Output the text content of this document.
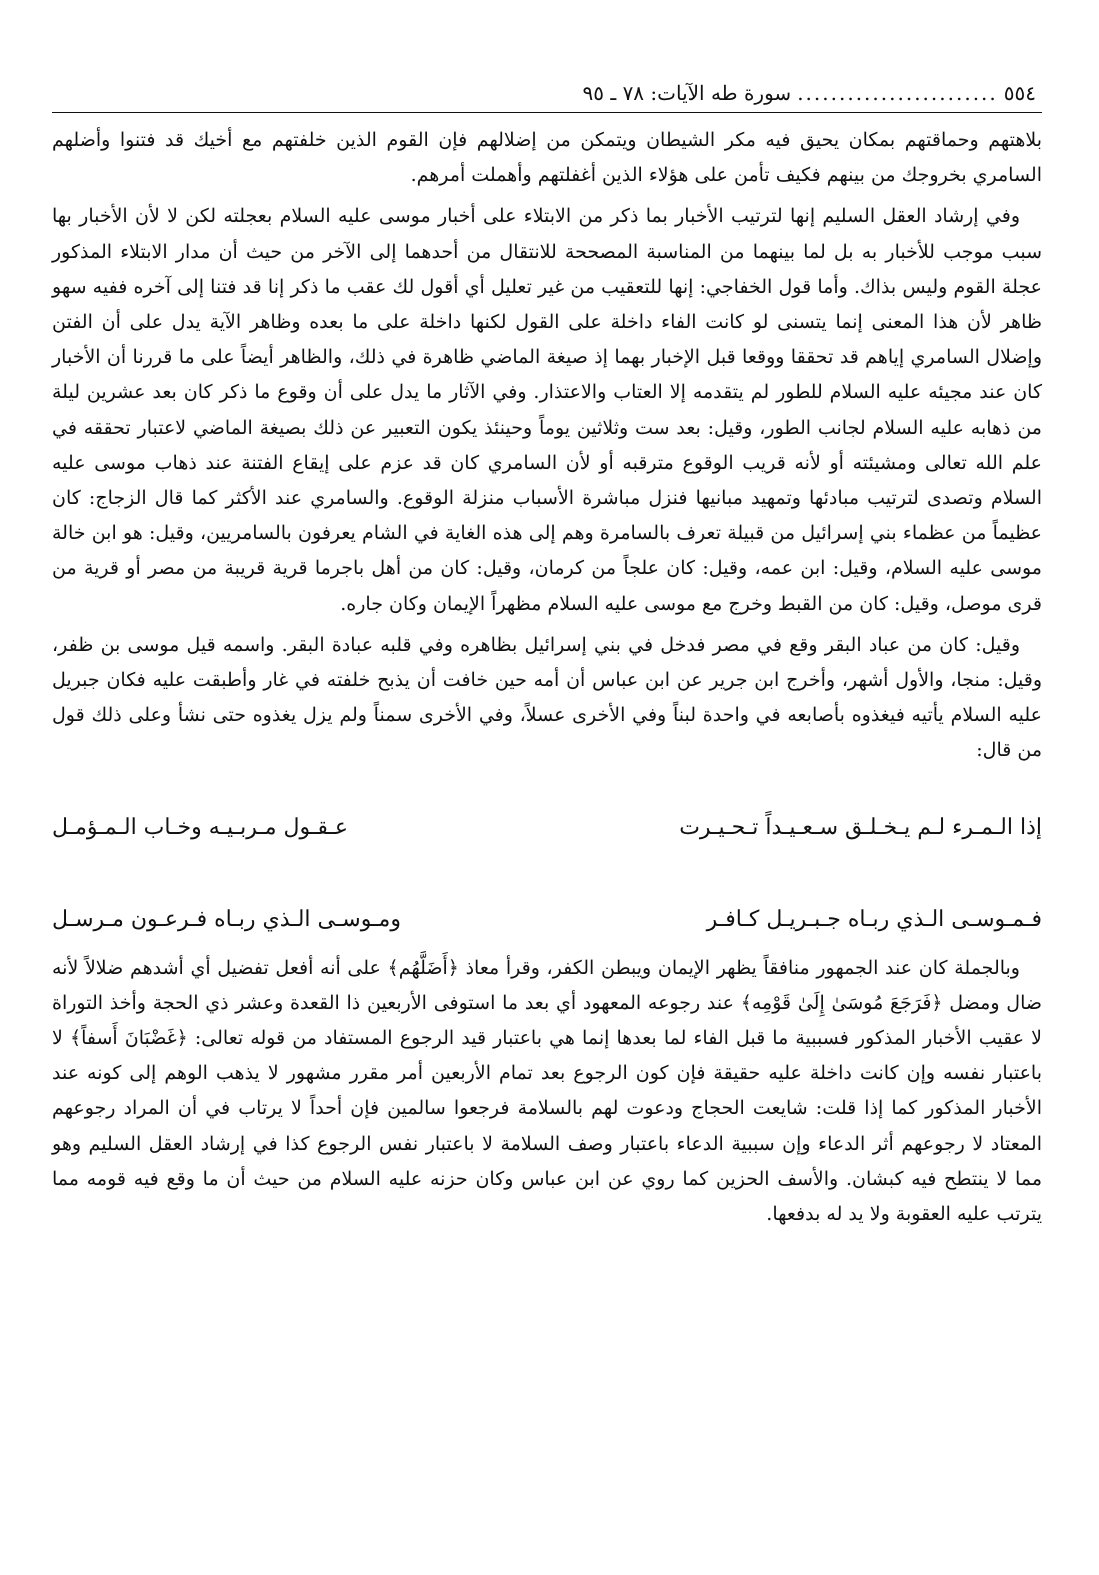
٥٥٤
........................
سورة طه الآيات: ٧٨ ـ ٩٥

بلاهتهم وحماقتهم بمكان يحيق فيه مكر الشيطان ويتمكن من إضلالهم فإن القوم الذين خلفتهم مع أخيك قد فتنوا وأضلهم السامري بخروجك من بينهم فكيف تأمن على هؤلاء الذين أغفلتهم وأهملت أمرهم.

وفي إرشاد العقل السليم إنها لترتيب الأخبار بما ذكر من الابتلاء على أخبار موسى عليه السلام بعجلته لكن لا لأن الأخبار بها سبب موجب للأخبار به بل لما بينهما من المناسبة المصححة للانتقال من أحدهما إلى الآخر من حيث أن مدار الابتلاء المذكور عجلة القوم وليس بذاك. وأما قول الخفاجي: إنها للتعقيب من غير تعليل أي أقول لك عقب ما ذكر إنا قد فتنا إلى آخره ففيه سهو ظاهر لأن هذا المعنى إنما يتسنى لو كانت الفاء داخلة على القول لكنها داخلة على ما بعده وظاهر الآية يدل على أن الفتن وإضلال السامري إياهم قد تحققا ووقعا قبل الإخبار بهما إذ صيغة الماضي ظاهرة في ذلك، والظاهر أيضاً على ما قررنا أن الأخبار كان عند مجيئه عليه السلام للطور لم يتقدمه إلا العتاب والاعتذار. وفي الآثار ما يدل على أن وقوع ما ذكر كان بعد عشرين ليلة من ذهابه عليه السلام لجانب الطور، وقيل: بعد ست وثلاثين يوماً وحينئذ يكون التعبير عن ذلك بصيغة الماضي لاعتبار تحققه في علم الله تعالى ومشيئته أو لأنه قريب الوقوع مترقبه أو لأن السامري كان قد عزم على إيقاع الفتنة عند ذهاب موسى عليه السلام وتصدى لترتيب مبادئها وتمهيد مبانيها فنزل مباشرة الأسباب منزلة الوقوع. والسامري عند الأكثر كما قال الزجاج: كان عظيماً من عظماء بني إسرائيل من قبيلة تعرف بالسامرة وهم إلى هذه الغاية في الشام يعرفون بالسامريين، وقيل: هو ابن خالة موسى عليه السلام، وقيل: ابن عمه، وقيل: كان علجاً من كرمان، وقيل: كان من أهل باجرما قرية قريبة من مصر أو قرية من قرى موصل، وقيل: كان من القبط وخرج مع موسى عليه السلام مظهراً الإيمان وكان جاره.

وقيل: كان من عباد البقر وقع في مصر فدخل في بني إسرائيل بظاهره وفي قلبه عبادة البقر. واسمه قيل موسى بن ظفر، وقيل: منجا، والأول أشهر، وأخرج ابن جرير عن ابن عباس أن أمه حين خافت أن يذبح خلفته في غار وأطبقت عليه فكان جبريل عليه السلام يأتيه فيغذوه بأصابعه في واحدة لبناً وفي الأخرى عسلاً، وفي الأخرى سمناً ولم يزل يغذوه حتى نشأ وعلى ذلك قول من قال:

إذا الـمـرء لـم يـخـلـق سـعـيـداً تـحـيـرت
عـقـول مـربـيـه وخـاب الـمـؤمـل
فـمـوسـى الـذي ربـاه جـبـريـل كـافـر
ومـوسـى الـذي ربـاه فـرعـون مـرسـل

وبالجملة كان عند الجمهور منافقاً يظهر الإيمان ويبطن الكفر، وقرأ معاذ ﴿أَضَلَّهُم﴾ على أنه أفعل تفضيل أي أشدهم ضلالاً لأنه ضال ومضل ﴿فَرَجَعَ مُوسَىٰ إِلَىٰ قَوْمِه﴾ عند رجوعه المعهود أي بعد ما استوفى الأربعين ذا القعدة وعشر ذي الحجة وأخذ التوراة لا عقيب الأخبار المذكور فسببية ما قبل الفاء لما بعدها إنما هي باعتبار قيد الرجوع المستفاد من قوله تعالى: ﴿غَضْبَانَ أَسفاً﴾ لا باعتبار نفسه وإن كانت داخلة عليه حقيقة فإن كون الرجوع بعد تمام الأربعين أمر مقرر مشهور لا يذهب الوهم إلى كونه عند الأخبار المذكور كما إذا قلت: شايعت الحجاج ودعوت لهم بالسلامة فرجعوا سالمين فإن أحداً لا يرتاب في أن المراد رجوعهم المعتاد لا رجوعهم أثر الدعاء وإن سببية الدعاء باعتبار وصف السلامة لا باعتبار نفس الرجوع كذا في إرشاد العقل السليم وهو مما لا ينتطح فيه كبشان. والأسف الحزين كما روي عن ابن عباس وكان حزنه عليه السلام من حيث أن ما وقع فيه قومه مما يترتب عليه العقوبة ولا يد له بدفعها.
